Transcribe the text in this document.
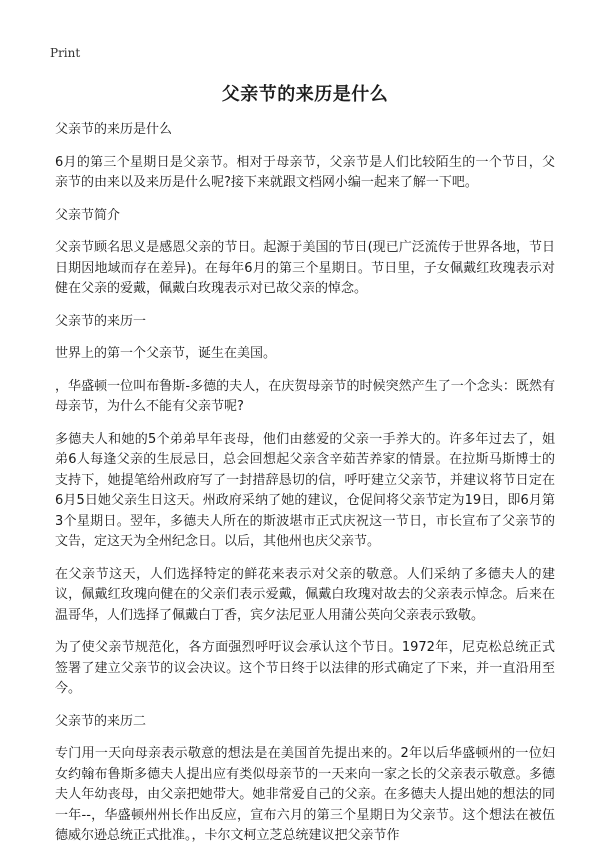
Print
父亲节的来历是什么

父亲节的来历是什么

6月的第三个星期日是父亲节。相对于母亲节，父亲节是人们比较陌生的一个节日，父亲节的由来以及来历是什么呢?接下来就跟文档网小编一起来了解一下吧。

父亲节简介

父亲节顾名思义是感恩父亲的节日。起源于美国的节日(现已广泛流传于世界各地，节日日期因地域而存在差异)。在每年6月的第三个星期日。节日里，子女佩戴红玫瑰表示对健在父亲的爱戴，佩戴白玫瑰表示对已故父亲的悼念。

父亲节的来历一

世界上的第一个父亲节，诞生在美国。

，华盛顿一位叫布鲁斯-多德的夫人，在庆贺母亲节的时候突然产生了一个念头：既然有母亲节，为什么不能有父亲节呢?

多德夫人和她的5个弟弟早年丧母，他们由慈爱的父亲一手养大的。许多年过去了，姐弟6人每逢父亲的生辰忌日，总会回想起父亲含辛茹苦养家的情景。在拉斯马斯博士的支持下，她提笔给州政府写了一封措辞恳切的信，呼吁建立父亲节，并建议将节日定在6月5日她父亲生日这天。州政府采纳了她的建议，仓促间将父亲节定为19日，即6月第3个星期日。翌年，多德夫人所在的斯波堪市正式庆祝这一节日，市长宣布了父亲节的文告，定这天为全州纪念日。以后，其他州也庆父亲节。

在父亲节这天，人们选择特定的鲜花来表示对父亲的敬意。人们采纳了多德夫人的建议，佩戴红玫瑰向健在的父亲们表示爱戴，佩戴白玫瑰对故去的父亲表示悼念。后来在温哥华，人们选择了佩戴白丁香，宾夕法尼亚人用蒲公英向父亲表示致敬。

为了使父亲节规范化，各方面强烈呼吁议会承认这个节日。1972年，尼克松总统正式签署了建立父亲节的议会决议。这个节日终于以法律的形式确定了下来，并一直沿用至今。

父亲节的来历二

专门用一天向母亲表示敬意的想法是在美国首先提出来的。2年以后华盛顿州的一位妇女约翰布鲁斯多德夫人提出应有类似母亲节的一天来向一家之长的父亲表示敬意。多德夫人年幼丧母，由父亲把她带大。她非常爱自己的父亲。在多德夫人提出她的想法的同一年--，华盛顿州州长作出反应，宣布六月的第三个星期日为父亲节。这个想法在被伍德威尔逊总统正式批准。，卡尔文柯立芝总统建议把父亲节作
